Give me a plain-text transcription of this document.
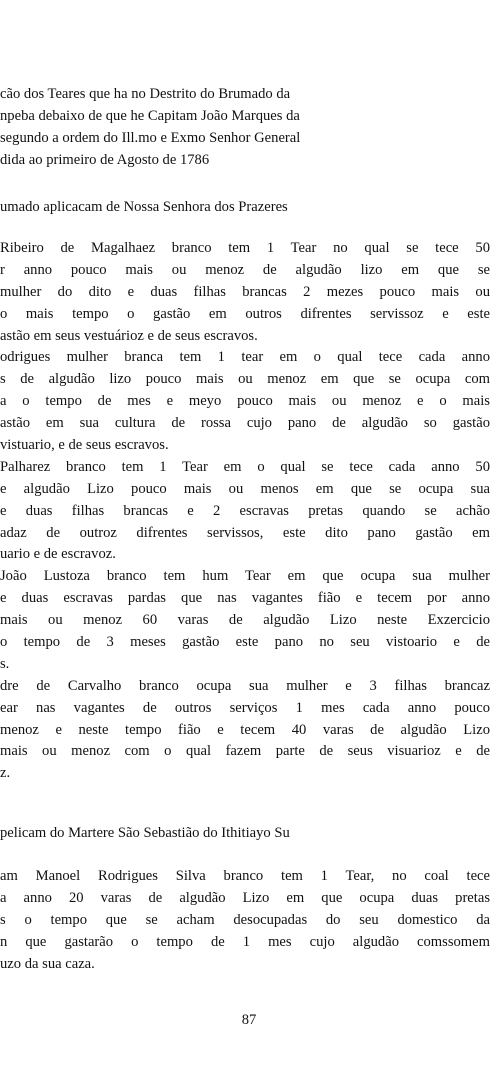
cão dos Teares que ha no Destrito do Brumado da
npeba debaixo de que he Capitam João Marques da
segundo a ordem do Ill.mo e Exmo Senhor General
dida ao primeiro de Agosto de 1786
umado aplicacam de Nossa Senhora dos Prazeres
Ribeiro de Magalhaez branco tem 1 Tear no qual se tece 50
r anno pouco mais ou menoz de algudão lizo em que se
mulher do dito e duas filhas brancas 2 mezes pouco mais ou
o mais tempo o gastão em outros difrentes servissoz e este
astão em seus vestuárioz e de seus escravos.
odrigues mulher branca tem 1 tear em o qual tece cada anno
s de algudão lizo pouco mais ou menoz em que se ocupa com
a o tempo de mes e meyo pouco mais ou menoz e o mais
astão em sua cultura de rossa cujo pano de algudão so gastão
vistuario, e de seus escravos.
Palharez branco tem 1 Tear em o qual se tece cada anno 50
e algudão Lizo pouco mais ou menos em que se ocupa sua
e duas filhas brancas e 2 escravas pretas quando se achão
adaz de outroz difrentes servissos, este dito pano gastão em
uario e de escravoz.
João Lustoza branco tem hum Tear em que ocupa sua mulher
e duas escravas pardas que nas vagantes fião e tecem por anno
mais ou menoz 60 varas de algudão Lizo neste Exzercicio
o tempo de 3 meses gastão este pano no seu vistoario e de
s.
dre de Carvalho branco ocupa sua mulher e 3 filhas brancaz
ear nas vagantes de outros serviços 1 mes cada anno pouco
menoz e neste tempo fião e tecem 40 varas de algudão Lizo
mais ou menoz com o qual fazem parte de seus visuarioz e de
z.
pelicam do Martere São Sebastião do Ithitiayo Su
am Manoel Rodrigues Silva branco tem 1 Tear, no coal tece
a anno 20 varas de algudão Lizo em que ocupa duas pretas
s o tempo que se acham desocupadas do seu domestico da
n que gastarão o tempo de 1 mes cujo algudão comssomem
uzo da sua caza.
87
